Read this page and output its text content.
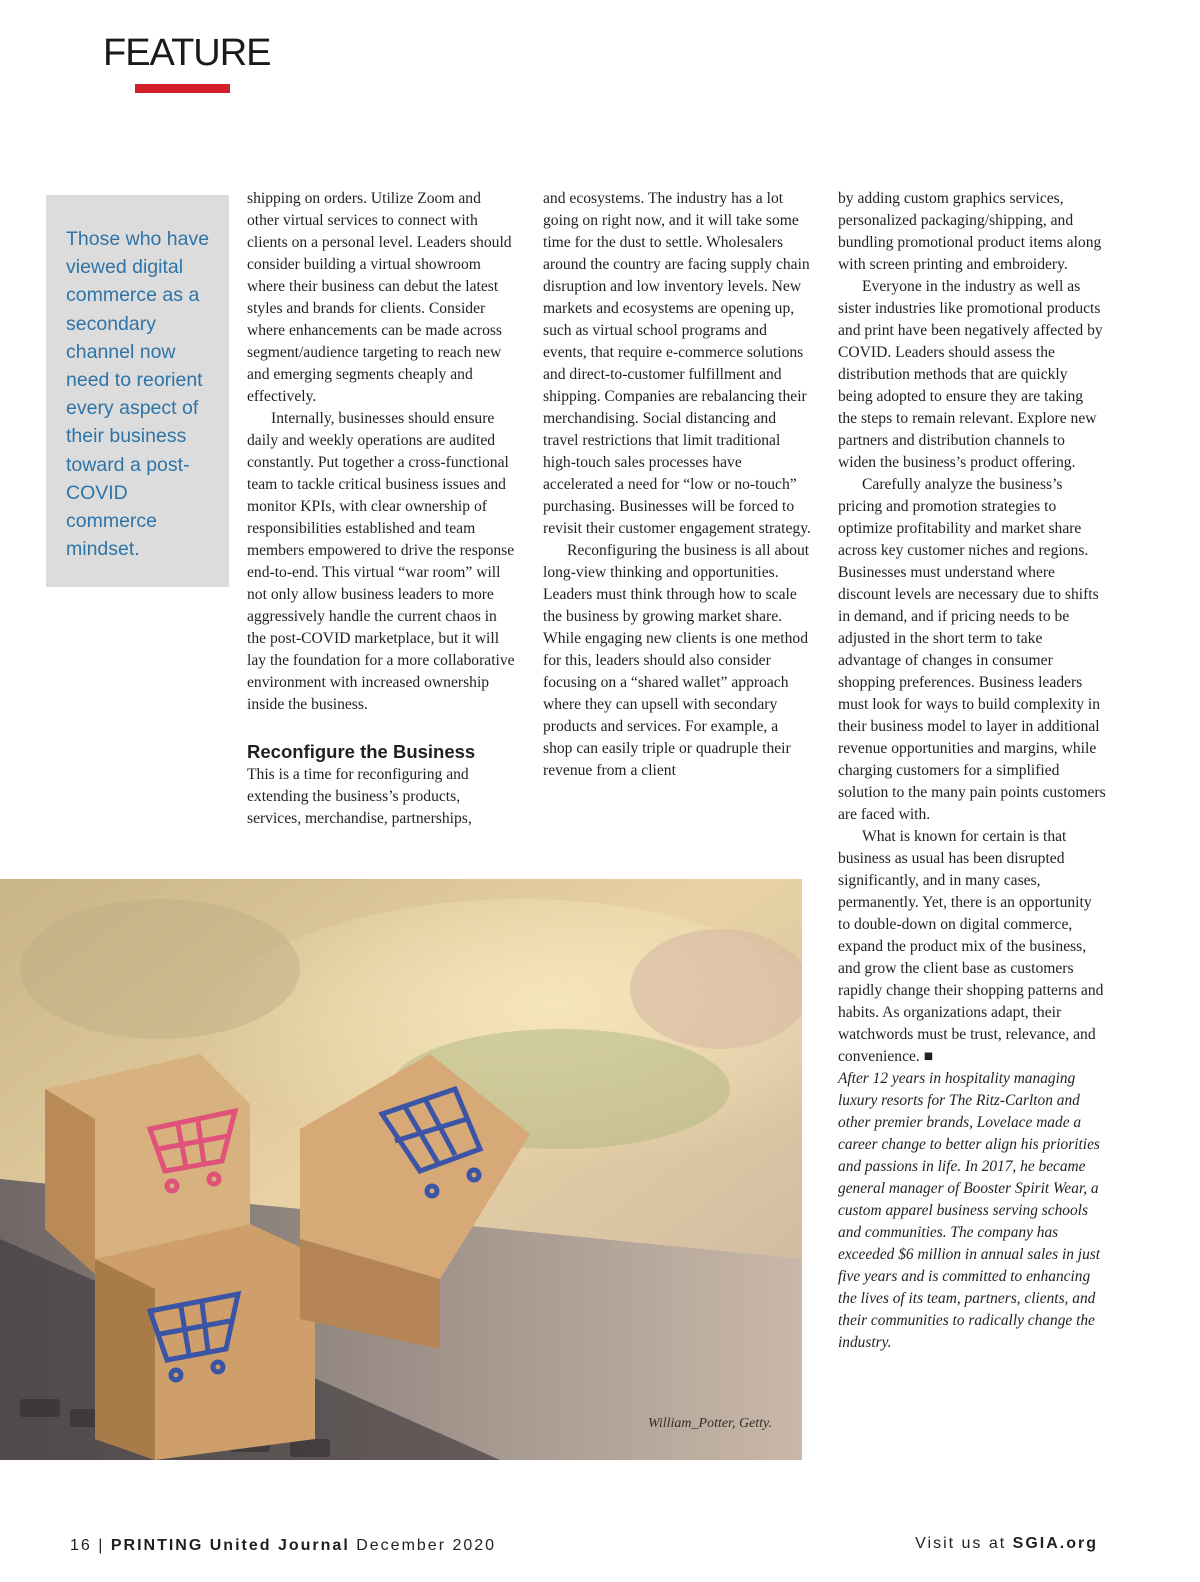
FEATURE

Those who have viewed digital commerce as a secondary channel now need to reorient every aspect of their business toward a post-COVID commerce mindset.

shipping on orders. Utilize Zoom and other virtual services to connect with clients on a personal level. Leaders should consider building a virtual showroom where their business can debut the latest styles and brands for clients. Consider where enhancements can be made across segment/audience targeting to reach new and emerging segments cheaply and effectively.

Internally, businesses should ensure daily and weekly operations are audited constantly. Put together a cross-functional team to tackle critical business issues and monitor KPIs, with clear ownership of responsibilities established and team members empowered to drive the response end-to-end. This virtual “war room” will not only allow business leaders to more aggressively handle the current chaos in the post-COVID marketplace, but it will lay the foundation for a more collaborative environment with increased ownership inside the business.

Reconfigure the Business

This is a time for reconfiguring and extending the business’s products, services, merchandise, partnerships,

and ecosystems. The industry has a lot going on right now, and it will take some time for the dust to settle. Wholesalers around the country are facing supply chain disruption and low inventory levels. New markets and ecosystems are opening up, such as virtual school programs and events, that require e-commerce solutions and direct-to-customer fulfillment and shipping. Companies are rebalancing their merchandising. Social distancing and travel restrictions that limit traditional high-touch sales processes have accelerated a need for “low or no-touch” purchasing. Businesses will be forced to revisit their customer engagement strategy.

Reconfiguring the business is all about long-view thinking and opportunities. Leaders must think through how to scale the business by growing market share. While engaging new clients is one method for this, leaders should also consider focusing on a “shared wallet” approach where they can upsell with secondary products and services. For example, a shop can easily triple or quadruple their revenue from a client

by adding custom graphics services, personalized packaging/shipping, and bundling promotional product items along with screen printing and embroidery.

Everyone in the industry as well as sister industries like promotional products and print have been negatively affected by COVID. Leaders should assess the distribution methods that are quickly being adopted to ensure they are taking the steps to remain relevant. Explore new partners and distribution channels to widen the business’s product offering.

Carefully analyze the business’s pricing and promotion strategies to optimize profitability and market share across key customer niches and regions. Businesses must understand where discount levels are necessary due to shifts in demand, and if pricing needs to be adjusted in the short term to take advantage of changes in consumer shopping preferences. Business leaders must look for ways to build complexity in their business model to layer in additional revenue opportunities and margins, while charging customers for a simplified solution to the many pain points customers are faced with.

What is known for certain is that business as usual has been disrupted significantly, and in many cases, permanently. Yet, there is an opportunity to double-down on digital commerce, expand the product mix of the business, and grow the client base as customers rapidly change their shopping patterns and habits. As organizations adapt, their watchwords must be trust, relevance, and convenience. ■

After 12 years in hospitality managing luxury resorts for The Ritz-Carlton and other premier brands, Lovelace made a career change to better align his priorities and passions in life. In 2017, he became general manager of Booster Spirit Wear, a custom apparel business serving schools and communities. The company has exceeded $6 million in annual sales in just five years and is committed to enhancing the lives of its team, partners, clients, and their communities to radically change the industry.

William_Potter, Getty.
16 | PRINTING United Journal December 2020	Visit us at SGIA.org
